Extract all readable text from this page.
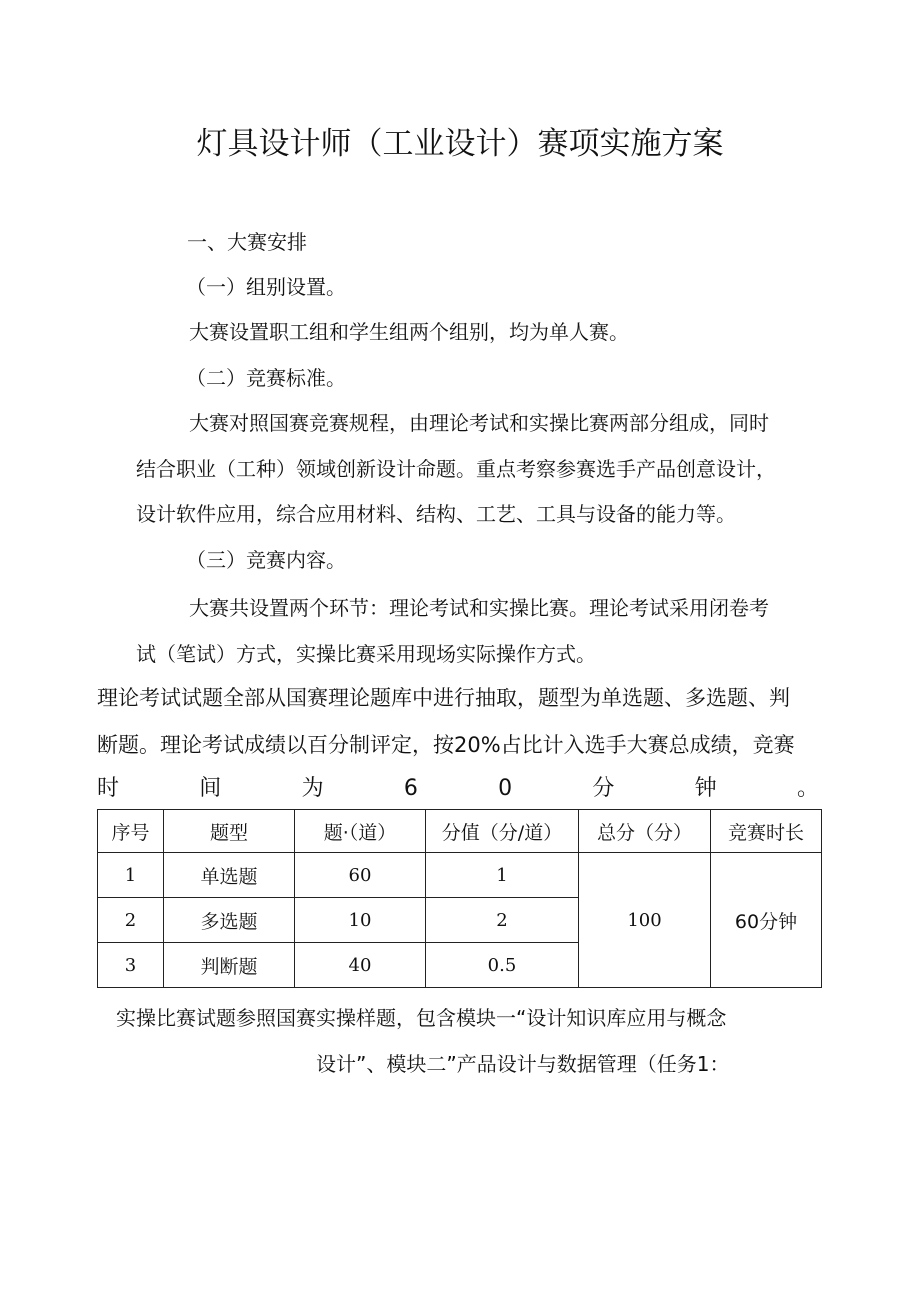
灯具设计师（工业设计）赛项实施方案

一、大赛安排

（一）组别设置。

大赛设置职工组和学生组两个组别，均为单人赛。

（二）竞赛标准。

大赛对照国赛竞赛规程，由理论考试和实操比赛两部分组成，同时

结合职业（工种）领域创新设计命题。重点考察参赛选手产品创意设计，

设计软件应用，综合应用材料、结构、工艺、工具与设备的能力等。

（三）竞赛内容。

大赛共设置两个环节：理论考试和实操比赛。理论考试采用闭卷考

试（笔试）方式，实操比赛采用现场实际操作方式。

理论考试试题全部从国赛理论题库中进行抽取，题型为单选题、多选题、判

断题。理论考试成绩以百分制评定，按20%占比计入选手大赛总成绩，竞赛

时	间	为	6	0	分	钟	。
序号	题型	题·（道）	分值（分/道）	总分（分）	竞赛时长
1	单选题	60	1	100	60分钟
2	多选题	10	2		
3	判断题	40	0.5		

实操比赛试题参照国赛实操样题，包含模块一“设计知识库应用与概念

设计”、模块二”产品设计与数据管理（任务1：
